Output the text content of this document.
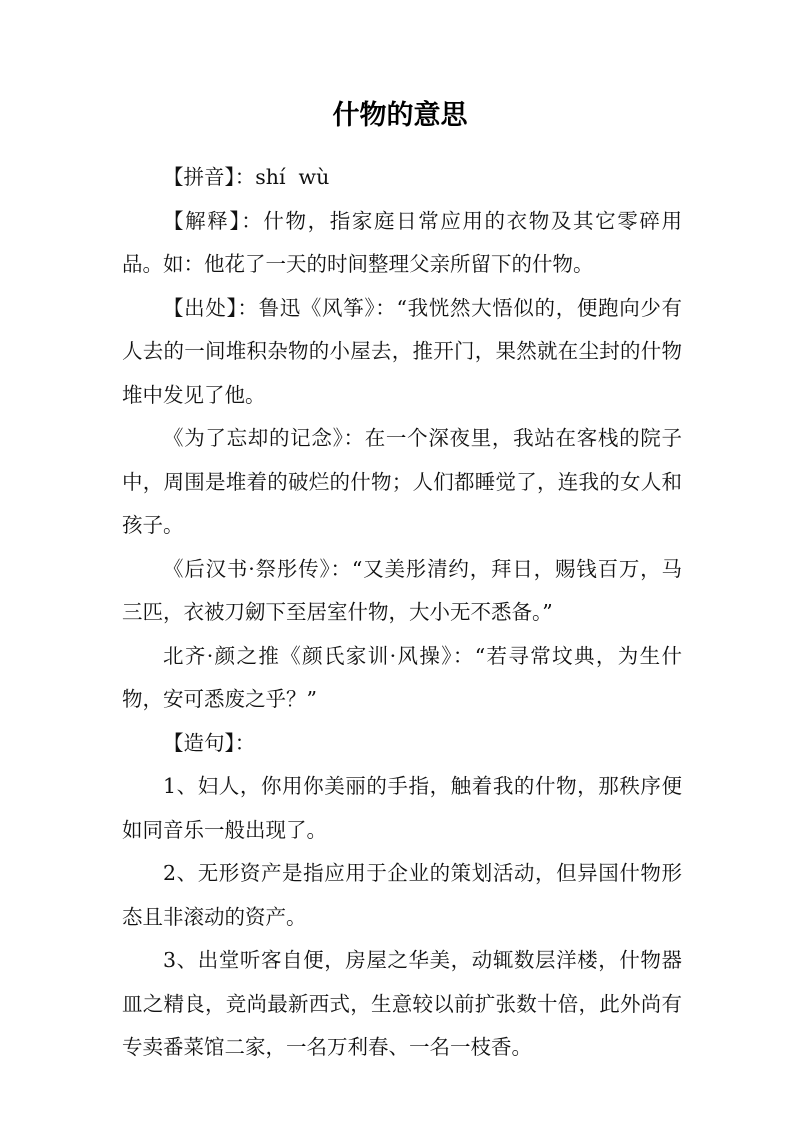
什物的意思

【拼音】：shí  wù

【解释】：什物，指家庭日常应用的衣物及其它零碎用品。如：他花了一天的时间整理父亲所留下的什物。

【出处】：鲁迅《风筝》：“我恍然大悟似的，便跑向少有人去的一间堆积杂物的小屋去，推开门，果然就在尘封的什物堆中发见了他。

《为了忘却的记念》：在一个深夜里，我站在客栈的院子中，周围是堆着的破烂的什物；人们都睡觉了，连我的女人和孩子。

《后汉书·祭彤传》：“又美彤清约，拜日，赐钱百万，马三匹，衣被刀劒下至居室什物，大小无不悉备。”

北齐·颜之推《颜氏家训·风操》：“若寻常坟典，为生什物，安可悉废之乎？”

【造句】：

1、妇人，你用你美丽的手指，触着我的什物，那秩序便如同音乐一般出现了。

2、无形资产是指应用于企业的策划活动，但异国什物形态且非滚动的资产。

3、出堂听客自便，房屋之华美，动辄数层洋楼，什物器皿之精良，竞尚最新西式，生意较以前扩张数十倍，此外尚有专卖番菜馆二家，一名万利春、一名一枝香。
